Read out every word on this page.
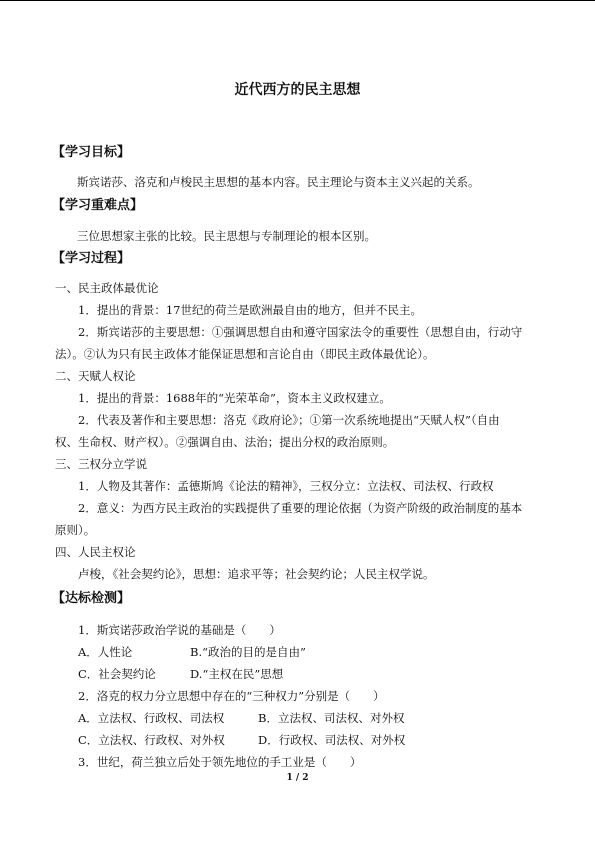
近代西方的民主思想
【学习目标】
斯宾诺莎、洛克和卢梭民主思想的基本内容。民主理论与资本主义兴起的关系。
【学习重难点】
三位思想家主张的比较。民主思想与专制理论的根本区别。
【学习过程】
一、民主政体最优论
1．提出的背景：17世纪的荷兰是欧洲最自由的地方，但并不民主。
2．斯宾诺莎的主要思想：①强调思想自由和遵守国家法令的重要性（思想自由，行动守
法）。②认为只有民主政体才能保证思想和言论自由（即民主政体最优论）。
二、天赋人权论
1．提出的背景：1688年的“光荣革命”，资本主义政权建立。
2．代表及著作和主要思想：洛克《政府论》；①第一次系统地提出“天赋人权”（自由
权、生命权、财产权）。②强调自由、法治；提出分权的政治原则。
三、三权分立学说
1．人物及其著作：孟德斯鸠《论法的精神》，三权分立：立法权、司法权、行政权
2．意义：为西方民主政治的实践提供了重要的理论依据（为资产阶级的政治制度的基本
原则）。
四、人民主权论
卢梭，《社会契约论》，思想：追求平等；社会契约论；人民主权学说。
【达标检测】
1．斯宾诺莎政治学说的基础是（　　）
A．人性论	B.“政治的目的是自由”
C．社会契约论	D.“主权在民”思想
2．洛克的权力分立思想中存在的“三种权力”分别是（　　）
A．立法权、行政权、司法权	B．立法权、司法权、对外权
C．立法权、行政权、对外权	D．行政权、司法权、对外权
3．世纪，荷兰独立后处于领先地位的手工业是（　　）
1 / 2
